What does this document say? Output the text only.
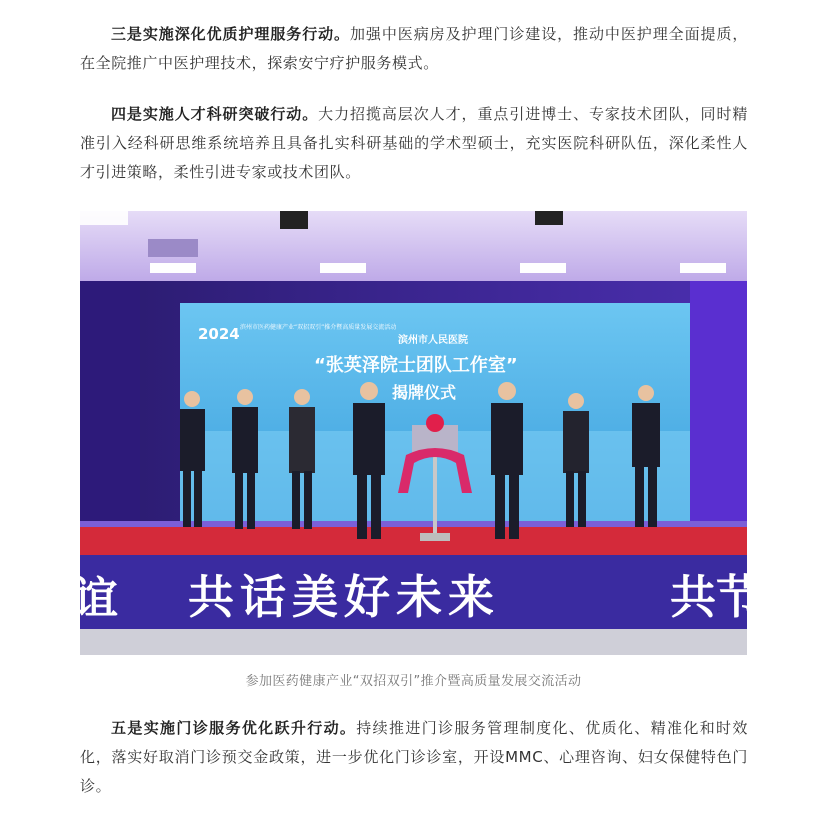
三是实施深化优质护理服务行动。加强中医病房及护理门诊建设，推动中医护理全面提质，在全院推广中医护理技术，探索安宁疗护服务模式。

四是实施人才科研突破行动。大力招揽高层次人才，重点引进博士、专家技术团队，同时精准引入经科研思维系统培养且具备扎实科研基础的学术型硕士，充实医院科研队伍，深化柔性人才引进策略，柔性引进专家或技术团队。

2024 滨州市医药健康产业“双招双引”推介暨高质量发展交流活动
滨州市人民医院
“张英泽院士团队工作室”
揭牌仪式
谊 共话美好未来	共节
参加医药健康产业“双招双引”推介暨高质量发展交流活动

五是实施门诊服务优化跃升行动。持续推进门诊服务管理制度化、优质化、精准化和时效化，落实好取消门诊预交金政策，进一步优化门诊诊室，开设MMC、心理咨询、妇女保健特色门诊。
